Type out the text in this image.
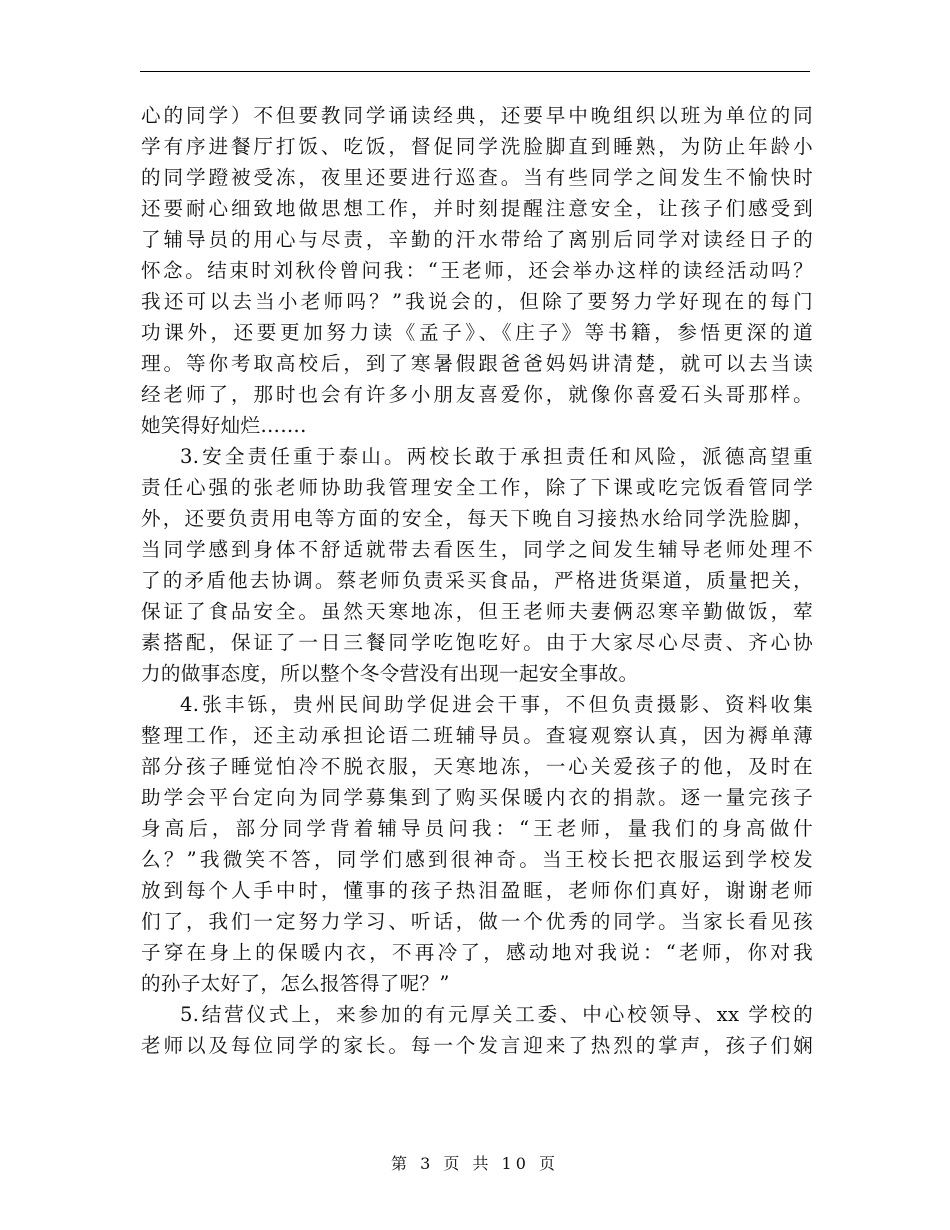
心的同学）不但要教同学诵读经典，还要早中晚组织以班为单位的同
学有序进餐厅打饭、吃饭，督促同学洗脸脚直到睡熟，为防止年龄小
的同学蹬被受冻，夜里还要进行巡查。当有些同学之间发生不愉快时
还要耐心细致地做思想工作，并时刻提醒注意安全，让孩子们感受到
了辅导员的用心与尽责，辛勤的汗水带给了离别后同学对读经日子的
怀念。结束时刘秋伶曾问我：“王老师，还会举办这样的读经活动吗？
我还可以去当小老师吗？”我说会的，但除了要努力学好现在的每门
功课外，还要更加努力读《孟子》、《庄子》等书籍，参悟更深的道
理。等你考取高校后，到了寒暑假跟爸爸妈妈讲清楚，就可以去当读
经老师了，那时也会有许多小朋友喜爱你，就像你喜爱石头哥那样。
她笑得好灿烂…….

3.安全责任重于泰山。两校长敢于承担责任和风险，派德高望重
责任心强的张老师协助我管理安全工作，除了下课或吃完饭看管同学
外，还要负责用电等方面的安全，每天下晚自习接热水给同学洗脸脚，
当同学感到身体不舒适就带去看医生，同学之间发生辅导老师处理不
了的矛盾他去协调。蔡老师负责采买食品，严格进货渠道，质量把关，
保证了食品安全。虽然天寒地冻，但王老师夫妻俩忍寒辛勤做饭，荤
素搭配，保证了一日三餐同学吃饱吃好。由于大家尽心尽责、齐心协
力的做事态度，所以整个冬令营没有出现一起安全事故。

4.张丰铄，贵州民间助学促进会干事，不但负责摄影、资料收集
整理工作，还主动承担论语二班辅导员。查寝观察认真，因为褥单薄
部分孩子睡觉怕冷不脱衣服，天寒地冻，一心关爱孩子的他，及时在
助学会平台定向为同学募集到了购买保暖内衣的捐款。逐一量完孩子
身高后，部分同学背着辅导员问我：“王老师，量我们的身高做什
么？”我微笑不答，同学们感到很神奇。当王校长把衣服运到学校发
放到每个人手中时，懂事的孩子热泪盈眶，老师你们真好，谢谢老师
们了，我们一定努力学习、听话，做一个优秀的同学。当家长看见孩
子穿在身上的保暖内衣，不再冷了，感动地对我说：“老师，你对我
的孙子太好了，怎么报答得了呢？”

5.结营仪式上，来参加的有元厚关工委、中心校领导、xx 学校的
老师以及每位同学的家长。每一个发言迎来了热烈的掌声，孩子们娴

第 3 页 共 10 页
